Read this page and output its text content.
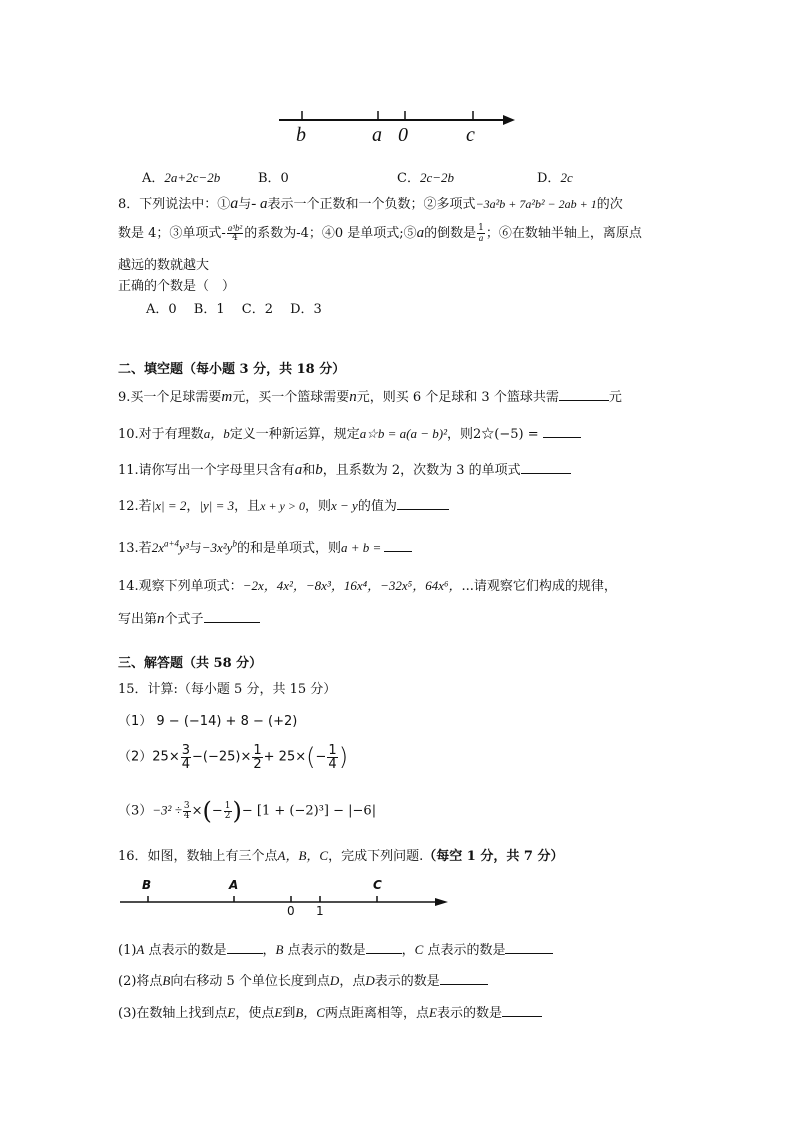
b	a 0	c
A．2a+2c−2b	B．0	C．2c−2b	D．2c
8．下列说法中：①a与- a表示一个正数和一个负数；②多项式−3a²b + 7a²b² − 2ab + 1的次
数是 4；③单项式- $\frac{\text{a³b²}}{4}$ 的系数为-4；④0 是单项式;⑤a的倒数是 $\frac{1}{a}$ ；⑥在数轴半轴上，离原点
越远的数就越大
正确的个数是（　）
A．0　 B．1　 C．2　 D．3
二、填空题（每小题 3 分，共 18 分）
9.买一个足球需要m元，买一个篮球需要n元，则买 6 个足球和 3 个篮球共需	元
10.对于有理数a，b定义一种新运算，规定a☆b = a(a − b)²，则2☆(−5) =
11.请你写出一个字母里只含有a和b，且系数为 2，次数为 3 的单项式
12.若|x| = 2，|y| = 3，且x + y > 0，则x − y的值为
13.若$2x^{a+4}y^3$与$-3x^2y^b$的和是单项式，则a + b =
14.观察下列单项式：−2x，4x²，−8x³，16x⁴，−32x⁵，64x⁶，...请观察它们构成的规律，
写出第n个式子
三、解答题（共 58 分）
15．计算:（每小题 5 分，共 15 分）
（1） 9 − (−14) + 8 − (+2)
$(2)25\times \frac{3}{4} -(-25)\times \frac{1}{2} + 25\times(- \frac{1}{4}$ )
$(3)-3^2 \div \frac{3}{4}$ ×(− $\frac{1}{2}$ )− [1 + (−2)³] − |−6|
16．如图，数轴上有三个点A，B，C，完成下列问题.（每空 1 分，共 7 分）
B	A	C
0 1
(1)A 点表示的数是	，B 点表示的数是	，C 点表示的数是
(2)将点B向右移动 5 个单位长度到点D，点D表示的数是
(3)在数轴上找到点E，使点E到B，C两点距离相等，点E表示的数是
